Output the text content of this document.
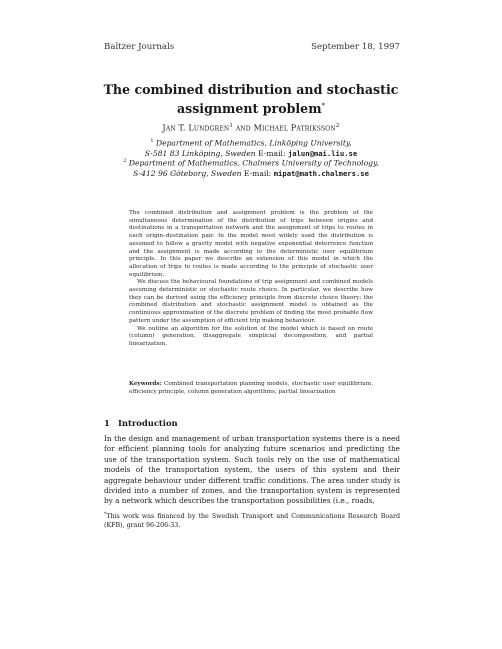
Baltzer Journals	September 18, 1997
The combined distribution and stochastic assignment problem*
Jan T. Lundgren$^1$ and Michael Patriksson$^2$
$^1$ Department of Mathematics, Linköping University,
S-581 83 Linköping, Sweden E-mail: jalun@mai.liu.se
$^2$ Department of Mathematics, Chalmers University of Technology,
S-412 96 Göteborg, Sweden E-mail: mipat@math.chalmers.se

The combined distribution and assignment problem is the problem of the simultaneous determination of the distribution of trips between origins and destinations in a transportation network and the assignment of trips to routes in each origin–destination pair. In the model most widely used the distribution is assumed to follow a gravity model with negative exponential deterrence function and the assignment is made according to the deterministic user equilibrium principle. In this paper we describe an extension of this model in which the allocation of trips to routes is made according to the principle of stochastic user equilibrium.

We discuss the behavioural foundations of trip assignment and combined models assuming deterministic or stochastic route choice. In particular, we describe how they can be derived using the efficiency principle from discrete choice theory; the combined distribution and stochastic assignment model is obtained as the continuous approximation of the discrete problem of finding the most probable flow pattern under the assumption of efficient trip making behaviour.

We outline an algorithm for the solution of the model which is based on route (column) generation, disaggregate simplicial decomposition, and partial linearization.

Keywords: Combined transportation planning models, stochastic user equilibrium, efficiency principle, column generation algorithms, partial linearization
1 Introduction
In the design and management of urban transportation systems there is a need for efficient planning tools for analyzing future scenarios and predicting the use of the transportation system. Such tools rely on the use of mathematical models of the transportation system, the users of this system and their aggregate behaviour under different traffic conditions. The area under study is divided into a number of zones, and the transportation system is represented by a network which describes the transportation possibilities (i.e., roads,
*This work was financed by the Swedish Transport and Communications Research Board (KFB), grant 96-206-33.
